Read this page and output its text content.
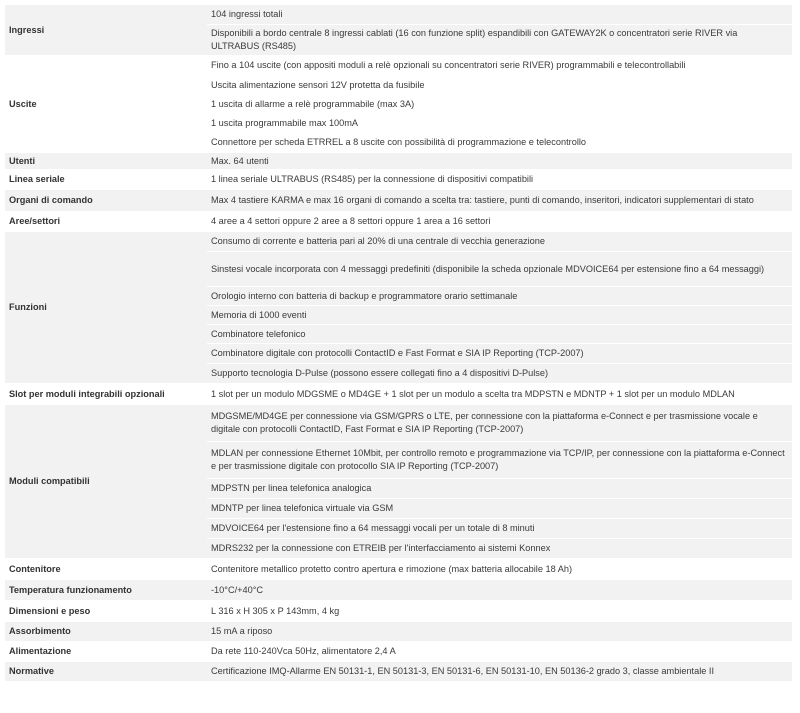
Ingressi	104 ingressi totali
	Disponibili a bordo centrale 8 ingressi cablati (16 con funzione split) espandibili con GATEWAY2K o concentratori serie RIVER via ULTRABUS (RS485)
Uscite	Fino a 104 uscite (con appositi moduli a relè opzionali su concentratori serie RIVER) programmabili e telecontrollabili
	Uscita alimentazione sensori 12V protetta da fusibile
	1 uscita di allarme a relè programmabile (max 3A)
	1 uscita programmabile max 100mA
	Connettore per scheda ETRREL a 8 uscite con possibilità di programmazione e telecontrollo
Utenti	Max. 64 utenti
Linea seriale	1 linea seriale ULTRABUS (RS485) per la connessione di dispositivi compatibili
Organi di comando	Max 4 tastiere KARMA e max 16 organi di comando a scelta tra: tastiere, punti di comando, inseritori, indicatori supplementari di stato
Aree/settori	4 aree a 4 settori oppure 2 aree a 8 settori oppure 1 area a 16 settori
Funzioni	Consumo di corrente e batteria pari al 20% di una centrale di vecchia generazione
	Sinstesi vocale incorporata con 4 messaggi predefiniti (disponibile la scheda opzionale MDVOICE64 per estensione fino a 64 messaggi)
	Orologio interno con batteria di backup e programmatore orario settimanale
	Memoria di 1000 eventi
	Combinatore telefonico
	Combinatore digitale con protocolli ContactID e Fast Format e SIA IP Reporting (TCP-2007)
	Supporto tecnologia D-Pulse (possono essere collegati fino a 4 dispositivi D-Pulse)
Slot per moduli integrabili opzionali	1 slot per un modulo MDGSME o MD4GE + 1 slot per un modulo a scelta tra MDPSTN e MDNTP + 1 slot per un modulo MDLAN
Moduli compatibili	MDGSME/MD4GE per connessione via GSM/GPRS o LTE, per connessione con la piattaforma e-Connect e per trasmissione vocale e digitale con protocolli ContactID, Fast Format e SIA IP Reporting (TCP-2007)
	MDLAN per connessione Ethernet 10Mbit, per controllo remoto e programmazione via TCP/IP, per connessione con la piattaforma e-Connect e per trasmissione digitale con protocollo SIA IP Reporting (TCP-2007)
	MDPSTN per linea telefonica analogica
	MDNTP per linea telefonica virtuale via GSM
	MDVOICE64 per l'estensione fino a 64 messaggi vocali per un totale di 8 minuti
	MDRS232 per la connessione con ETREIB per l'interfacciamento ai sistemi Konnex
Contenitore	Contenitore metallico protetto contro apertura e rimozione (max batteria allocabile 18 Ah)
Temperatura funzionamento	-10°C/+40°C
Dimensioni e peso	L 316 x H 305 x P 143mm, 4 kg
Assorbimento	15 mA a riposo
Alimentazione	Da rete 110-240Vca 50Hz, alimentatore 2,4 A
Normative	Certificazione IMQ-Allarme EN 50131-1, EN 50131-3, EN 50131-6, EN 50131-10, EN 50136-2 grado 3, classe ambientale II
